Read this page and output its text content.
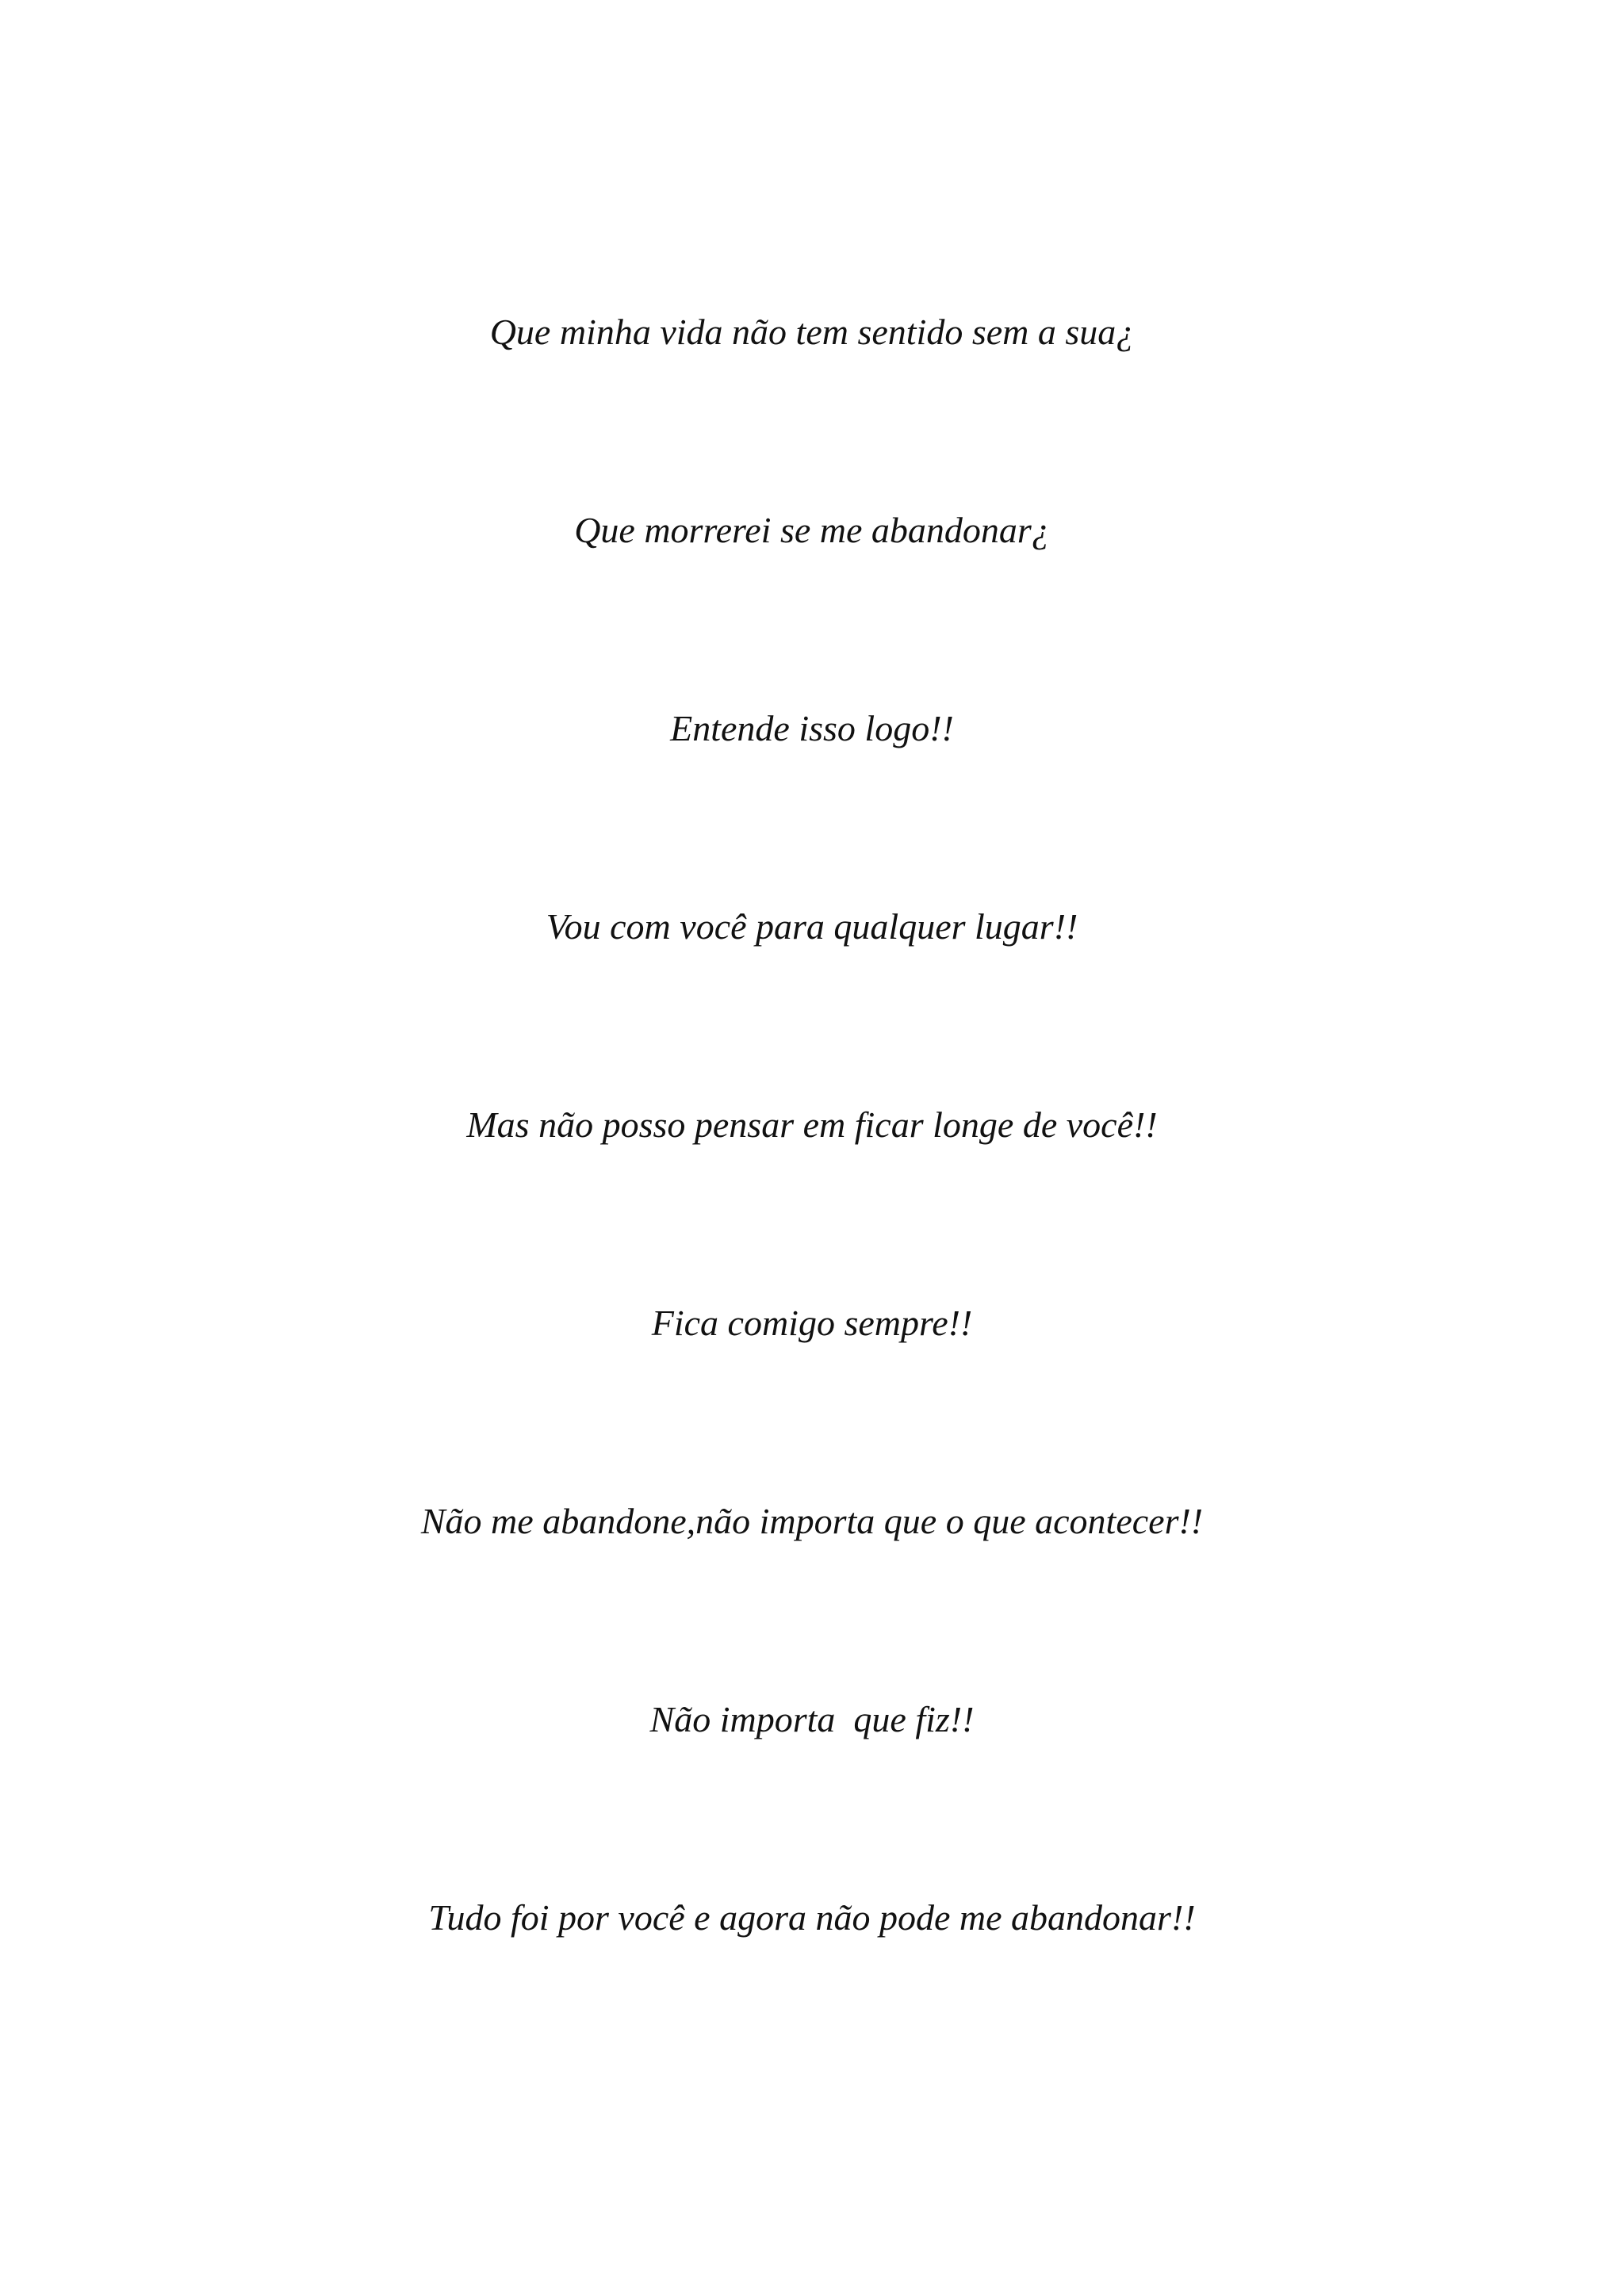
Que minha vida não tem sentido sem a sua¿
Que morrerei se me abandonar¿
Entende isso logo!!
Vou com você para qualquer lugar!!
Mas não posso pensar em ficar longe de você!!
Fica comigo sempre!!
Não me abandone,não importa que o que acontecer!!
Não importa  que fiz!!
Tudo foi por você e agora não pode me abandonar!!
